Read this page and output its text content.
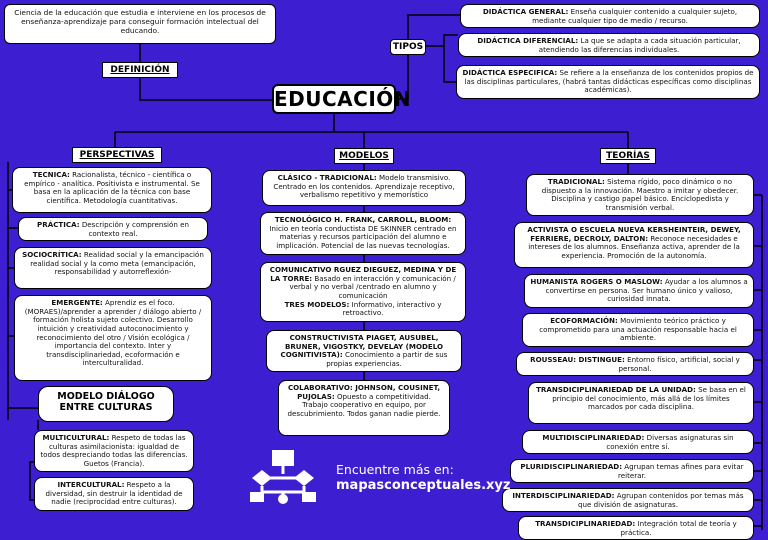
EDUCACIÓN
Ciencia de la educación que estudia e interviene en los procesos de enseñanza-aprendizaje para conseguir formación intelectual del educando.
DEFINICIÓN
TIPOS
DIDÁCTICA GENERAL: Enseña cualquier contenido a cualquier sujeto, mediante cualquier tipo de medio / recurso.
DIDÁCTICA DIFERENCIAL: La que se adapta a cada situación particular, atendiendo las diferencias individuales.
DIDÁCTICA ESPECIFICA: Se refiere a la enseñanza de los contenidos propios de las disciplinas particulares, (habrá tantas didácticas específicas como disciplinas académicas).
PERSPECTIVAS	MODELOS	TEORÍAS
TECNICA: Racionalista, técnico - científica o empírico - analítica. Positivista e instrumental. Se basa en la aplicación de la técnica con base científica. Metodología cuantitativas.
PRÁCTICA: Descripción y comprensión en contexto real.
SOCIOCRÍTICA: Realidad social y la emancipación realidad social y la como meta (emancipación, responsabilidad y autorreflexión-
EMERGENTE: Aprendiz es el foco. (MORAES)/aprender a aprender / diálogo abierto / formación holista sujeto colectivo. Desarrollo intuición y creatividad autoconocimiento y reconocimiento del otro / Visión ecológica / importancia del contexto. Inter y transdisciplinariedad, ecoformación e interculturalidad.
MODELO DIÁLOGO ENTRE CULTURAS
MULTICULTURAL: Respeto de todas las culturas asimilacionista: igualdad de todos despreciando todas las diferencias. Guetos (Francia).
INTERCULTURAL: Respeto a la diversidad, sin destruir la identidad de nadie (reciprocidad entre culturas).
CLÁSICO - TRADICIONAL: Modelo transmisivo. Centrado en los contenidos. Aprendizaje receptivo, verbalismo repetitivo y memorístico
TECNOLÓGICO H. FRANK, CARROLL, BLOOM: Inicio en teoría conductista DE SKINNER centrado en materias y recursos participación del alumno e implicación. Potencial de las nuevas tecnologías.
COMUNICATIVO RGUEZ DIEGUEZ, MEDINA Y DE LA TORRE: Basado en interacción y comunicación / verbal y no verbal /centrado en alumno y comunicación
TRES MODELOS: Informativo, interactivo y retroactivo.
CONSTRUCTIVISTA PIAGET, AUSUBEL, BRUNER, VIGOSTKY, DEVELAY (MODELO COGNITIVISTA): Conocimiento a partir de sus propias experiencias.
COLABORATIVO: JOHNSON, COUSINET, PUJOLAS: Opuesto a competitividad. Trabajo cooperativo en equipo, por descubrimiento. Todos ganan nadie pierde.
TRADICIONAL: Sistema rígido, poco dinámico o no dispuesto a la innovación. Maestro a imitar y obedecer. Disciplina y castigo papel básico. Enciclopedista y transmisión verbal.
ACTIVISTA O ESCUELA NUEVA KERSHEINTEIR, DEWEY, FERRIERE, DECROLY, DALTON: Reconoce necesidades e intereses de los alumnos. Enseñanza activa, aprender de la experiencia. Promoción de la autonomía.
HUMANISTA ROGERS O MASLOW: Ayudar a los alumnos a convertirse en persona. Ser humano único y valioso, curiosidad innata.
ECOFORMACIÓN: Movimiento teórico práctico y comprometido para una actuación responsable hacia el ambiente.
ROUSSEAU: DISTINGUE: Entorno físico, artificial, social y personal.
TRANSDICIPLINARIEDAD DE LA UNIDAD: Se basa en el principio del conocimiento, más allá de los límites marcados por cada disciplina.
MULTIDISCIPLINARIEDAD: Diversas asignaturas sin conexión entre sí.
PLURIDISCIPLINARIEDAD: Agrupan temas afines para evitar reiterar.
INTERDISCIPLINARIEDAD: Agrupan contenidos por temas más que división de asignaturas.
TRANSDICIPLINARIEDAD: Integración total de teoría y práctica.
Encuentre más en:
mapasconceptuales.xyz
